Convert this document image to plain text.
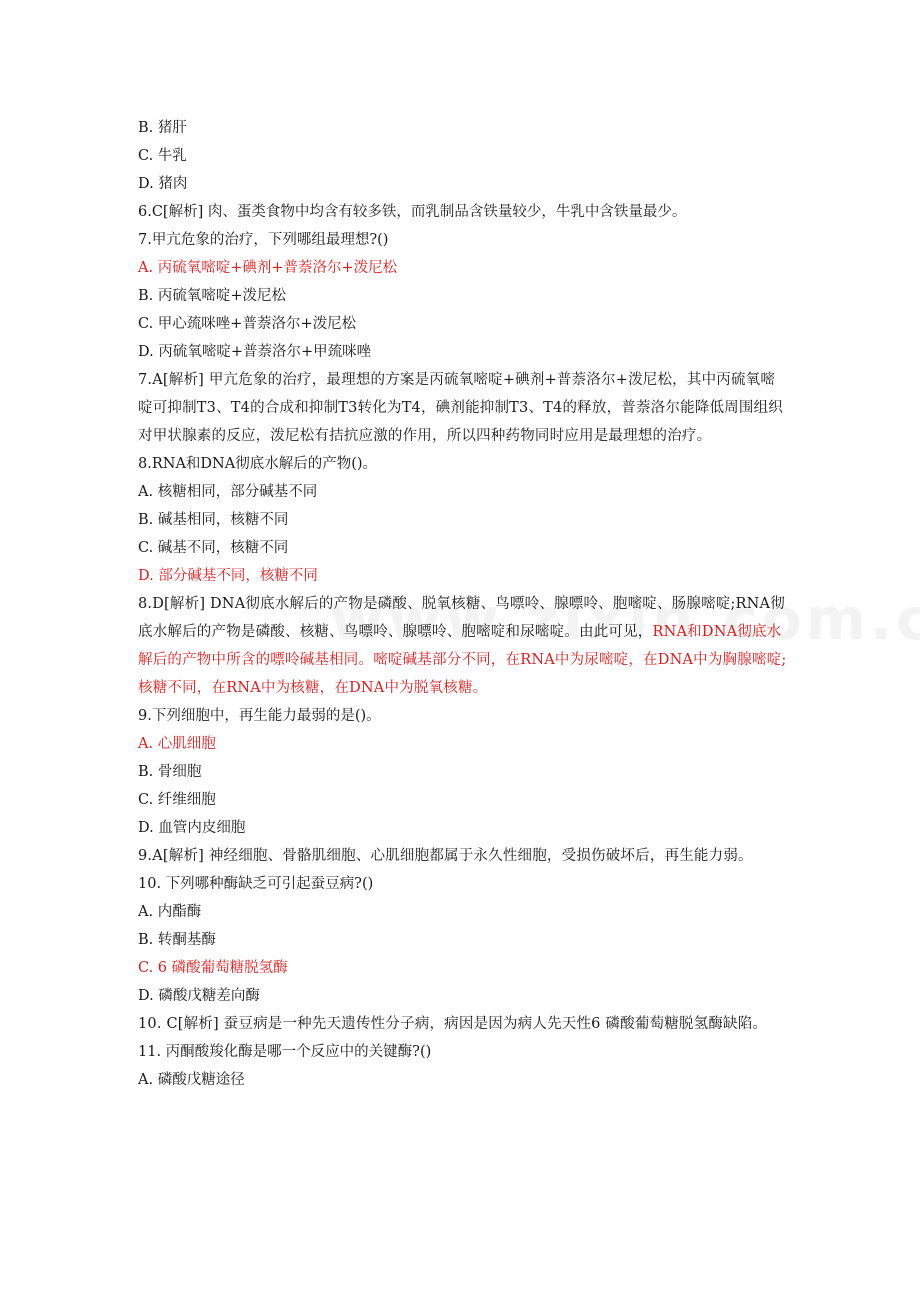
B. 猪肝
C. 牛乳
D. 猪肉
6.C[解析] 肉、蛋类食物中均含有较多铁，而乳制品含铁量较少，牛乳中含铁量最少。
7.甲亢危象的治疗，下列哪组最理想?()
A. 丙硫氧嘧啶+碘剂+普萘洛尔+泼尼松
B. 丙硫氧嘧啶+泼尼松
C. 甲心巯咪唑+普萘洛尔+泼尼松
D. 丙硫氧嘧啶+普萘洛尔+甲巯咪唑
7.A[解析] 甲亢危象的治疗，最理想的方案是丙硫氧嘧啶+碘剂+普萘洛尔+泼尼松，其中丙硫氧嘧啶可抑制T3、T4的合成和抑制T3转化为T4，碘剂能抑制T3、T4的释放，普萘洛尔能降低周围组织对甲状腺素的反应，泼尼松有拮抗应激的作用，所以四种药物同时应用是最理想的治疗。
8.RNA和DNA彻底水解后的产物()。
A. 核糖相同，部分碱基不同
B. 碱基相同，核糖不同
C. 碱基不同，核糖不同
D. 部分碱基不同，核糖不同
8.D[解析] DNA彻底水解后的产物是磷酸、脱氧核糖、鸟嘌呤、腺嘌呤、胞嘧啶、肠腺嘧啶;RNA彻底水解后的产物是磷酸、核糖、鸟嘌呤、腺嘌呤、胞嘧啶和尿嘧啶。由此可见，RNA和DNA彻底水解后的产物中所含的嘌呤碱基相同。嘧啶碱基部分不同，在RNA中为尿嘧啶，在DNA中为胸腺嘧啶;核糖不同，在RNA中为核糖，在DNA中为脱氧核糖。
9.下列细胞中，再生能力最弱的是()。
A. 心肌细胞
B. 骨细胞
C. 纤维细胞
D. 血管内皮细胞
9.A[解析] 神经细胞、骨骼肌细胞、心肌细胞都属于永久性细胞，受损伤破坏后，再生能力弱。
10. 下列哪种酶缺乏可引起蚕豆病?()
A. 内酯酶
B. 转酮基酶
C. 6 磷酸葡萄糖脱氢酶
D. 磷酸戊糖差向酶
10. C[解析] 蚕豆病是一种先天遗传性分子病，病因是因为病人先天性6 磷酸葡萄糖脱氢酶缺陷。
11. 丙酮酸羧化酶是哪一个反应中的关键酶?()
A. 磷酸戊糖途径
